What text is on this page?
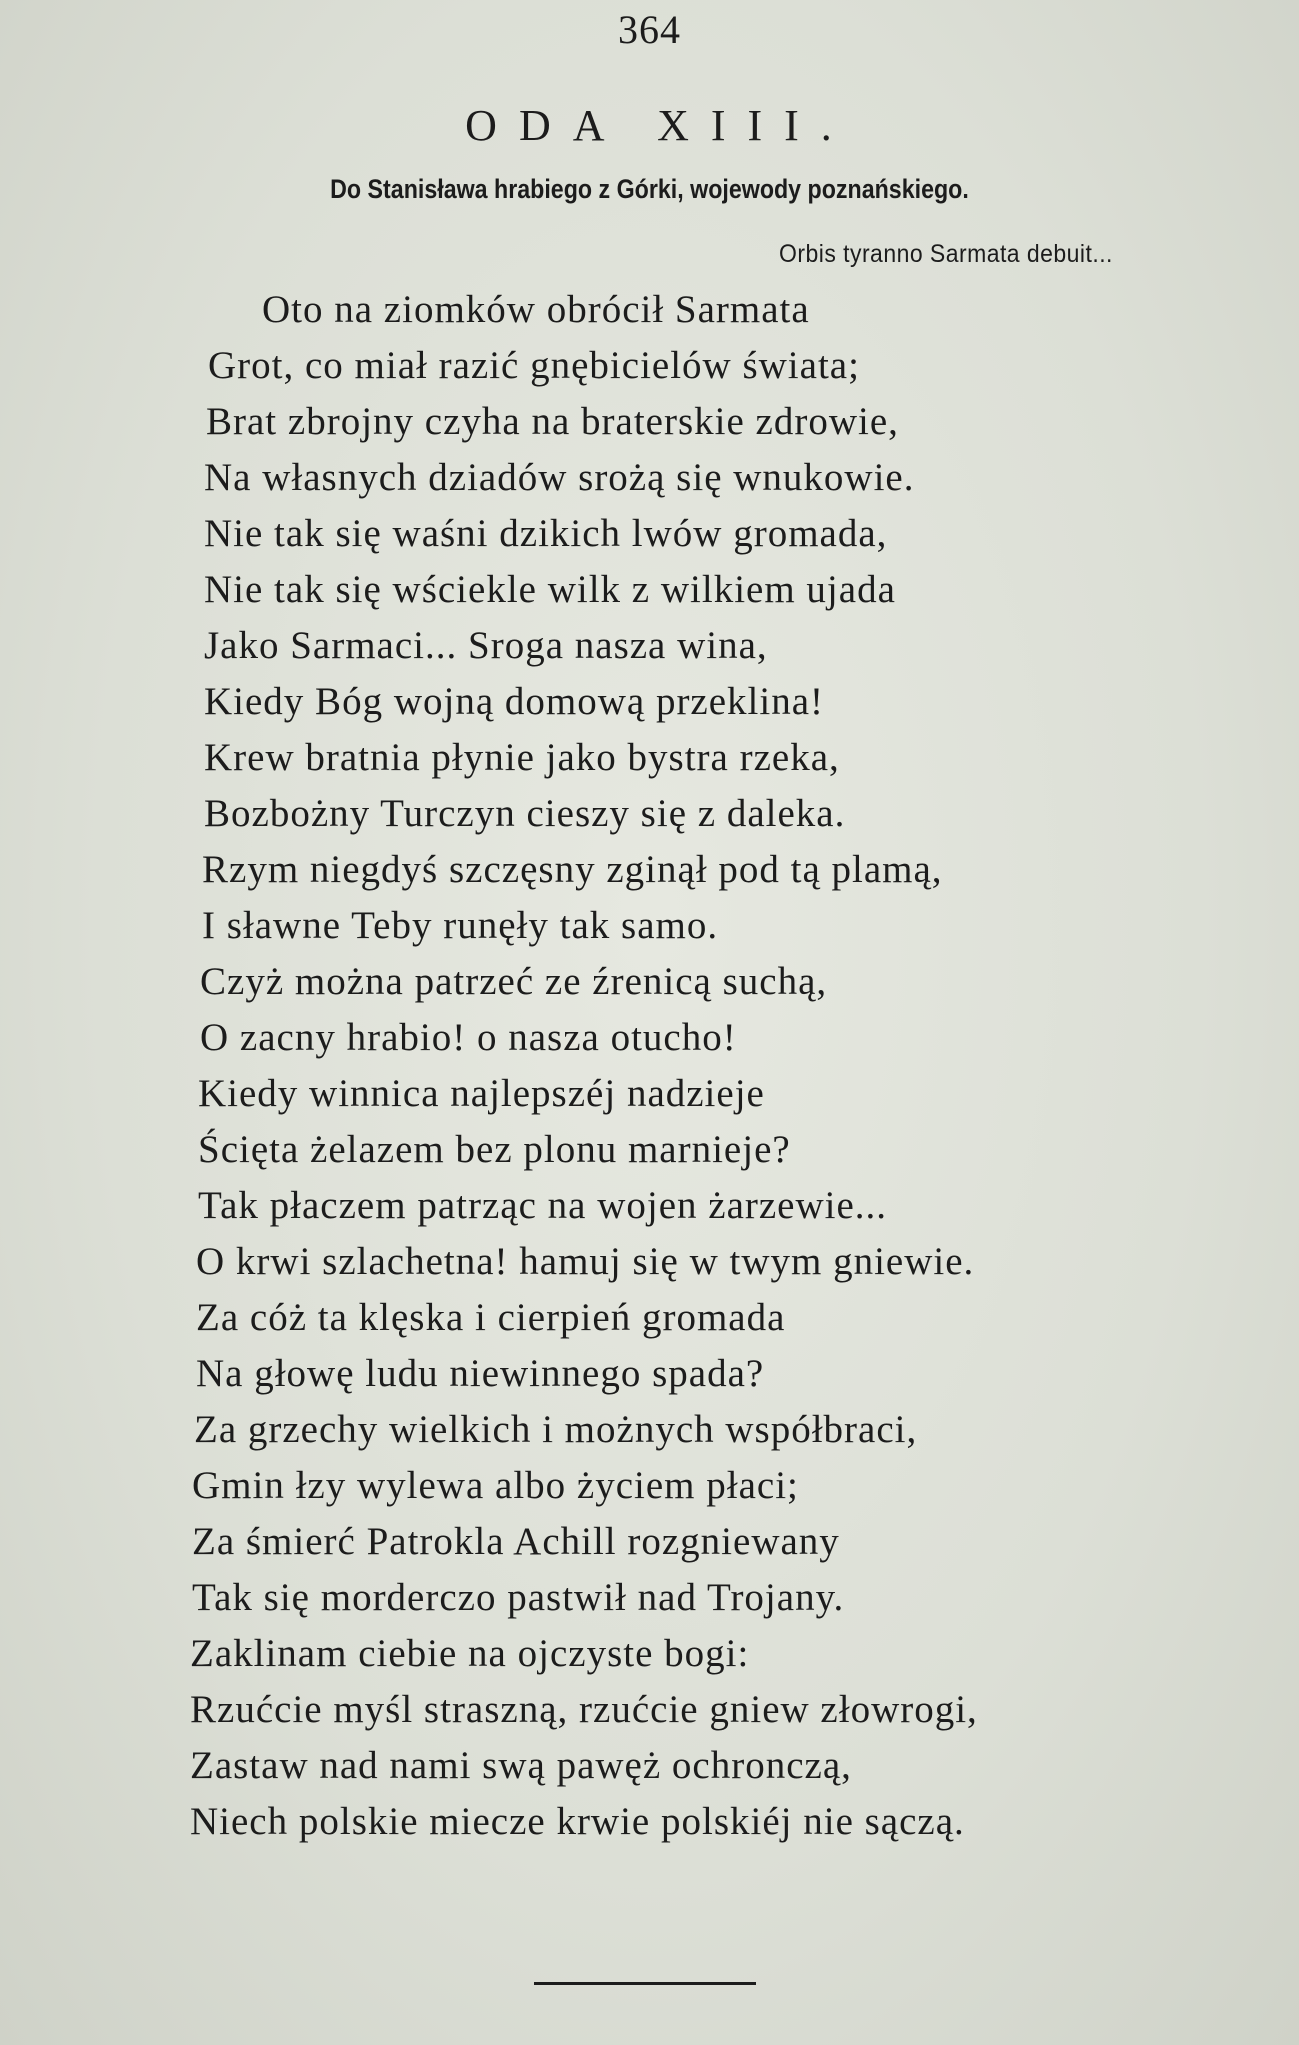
364
ODA XIII.
Do Stanisława hrabiego z Górki, wojewody poznańskiego.
Orbis tyranno Sarmata debuit...
Oto na ziomków obrócił Sarmata
Grot, co miał razić gnębicielów świata;
Brat zbrojny czyha na braterskie zdrowie,
Na własnych dziadów srożą się wnukowie.
Nie tak się waśni dzikich lwów gromada,
Nie tak się wściekle wilk z wilkiem ujada
Jako Sarmaci... Sroga nasza wina,
Kiedy Bóg wojną domową przeklina!
Krew bratnia płynie jako bystra rzeka,
Bozbożny Turczyn cieszy się z daleka.
Rzym niegdyś szczęsny zginął pod tą plamą,
I sławne Teby runęły tak samo.
Czyż można patrzeć ze źrenicą suchą,
O zacny hrabio! o nasza otucho!
Kiedy winnica najlepszéj nadzieje
Ścięta żelazem bez plonu marnieje?
Tak płaczem patrząc na wojen żarzewie...
O krwi szlachetna! hamuj się w twym gniewie.
Za cóż ta klęska i cierpień gromada
Na głowę ludu niewinnego spada?
Za grzechy wielkich i możnych współbraci,
Gmin łzy wylewa albo życiem płaci;
Za śmierć Patrokla Achill rozgniewany
Tak się morderczo pastwił nad Trojany.
Zaklinam ciebie na ojczyste bogi:
Rzućcie myśl straszną, rzućcie gniew złowrogi,
Zastaw nad nami swą pawęż ochronczą,
Niech polskie miecze krwie polskiéj nie sączą.
